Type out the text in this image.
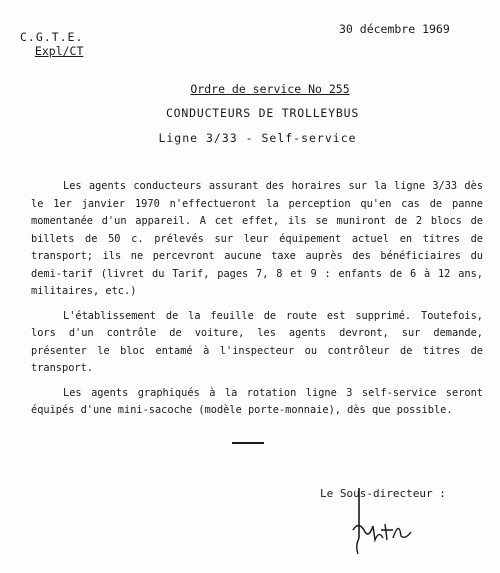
C.G.T.E.
Expl/CT
30 décembre 1969
Ordre de service No 255
CONDUCTEURS DE TROLLEYBUS
Ligne 3/33 - Self-service

Les agents conducteurs assurant des horaires sur la ligne 3/33 dès le 1er janvier 1970 n'effectueront la perception qu'en cas de panne momentanée d'un appareil. A cet effet, ils se muniront de 2 blocs de billets de 50 c. prélevés sur leur équipement actuel en titres de transport; ils ne percevront aucune taxe auprès des bénéficiaires du demi-tarif (livret du Tarif, pages 7, 8 et 9 : enfants de 6 à 12 ans, militaires, etc.)

L'établissement de la feuille de route est supprimé. Toutefois, lors d'un contrôle de voiture, les agents devront, sur demande, présenter le bloc entamé à l'inspecteur ou contrôleur de titres de transport.

Les agents graphiqués à la rotation ligne 3 self-service seront équipés d'une mini-sacoche (modèle porte-monnaie), dès que possible.

Le Sous-directeur :
